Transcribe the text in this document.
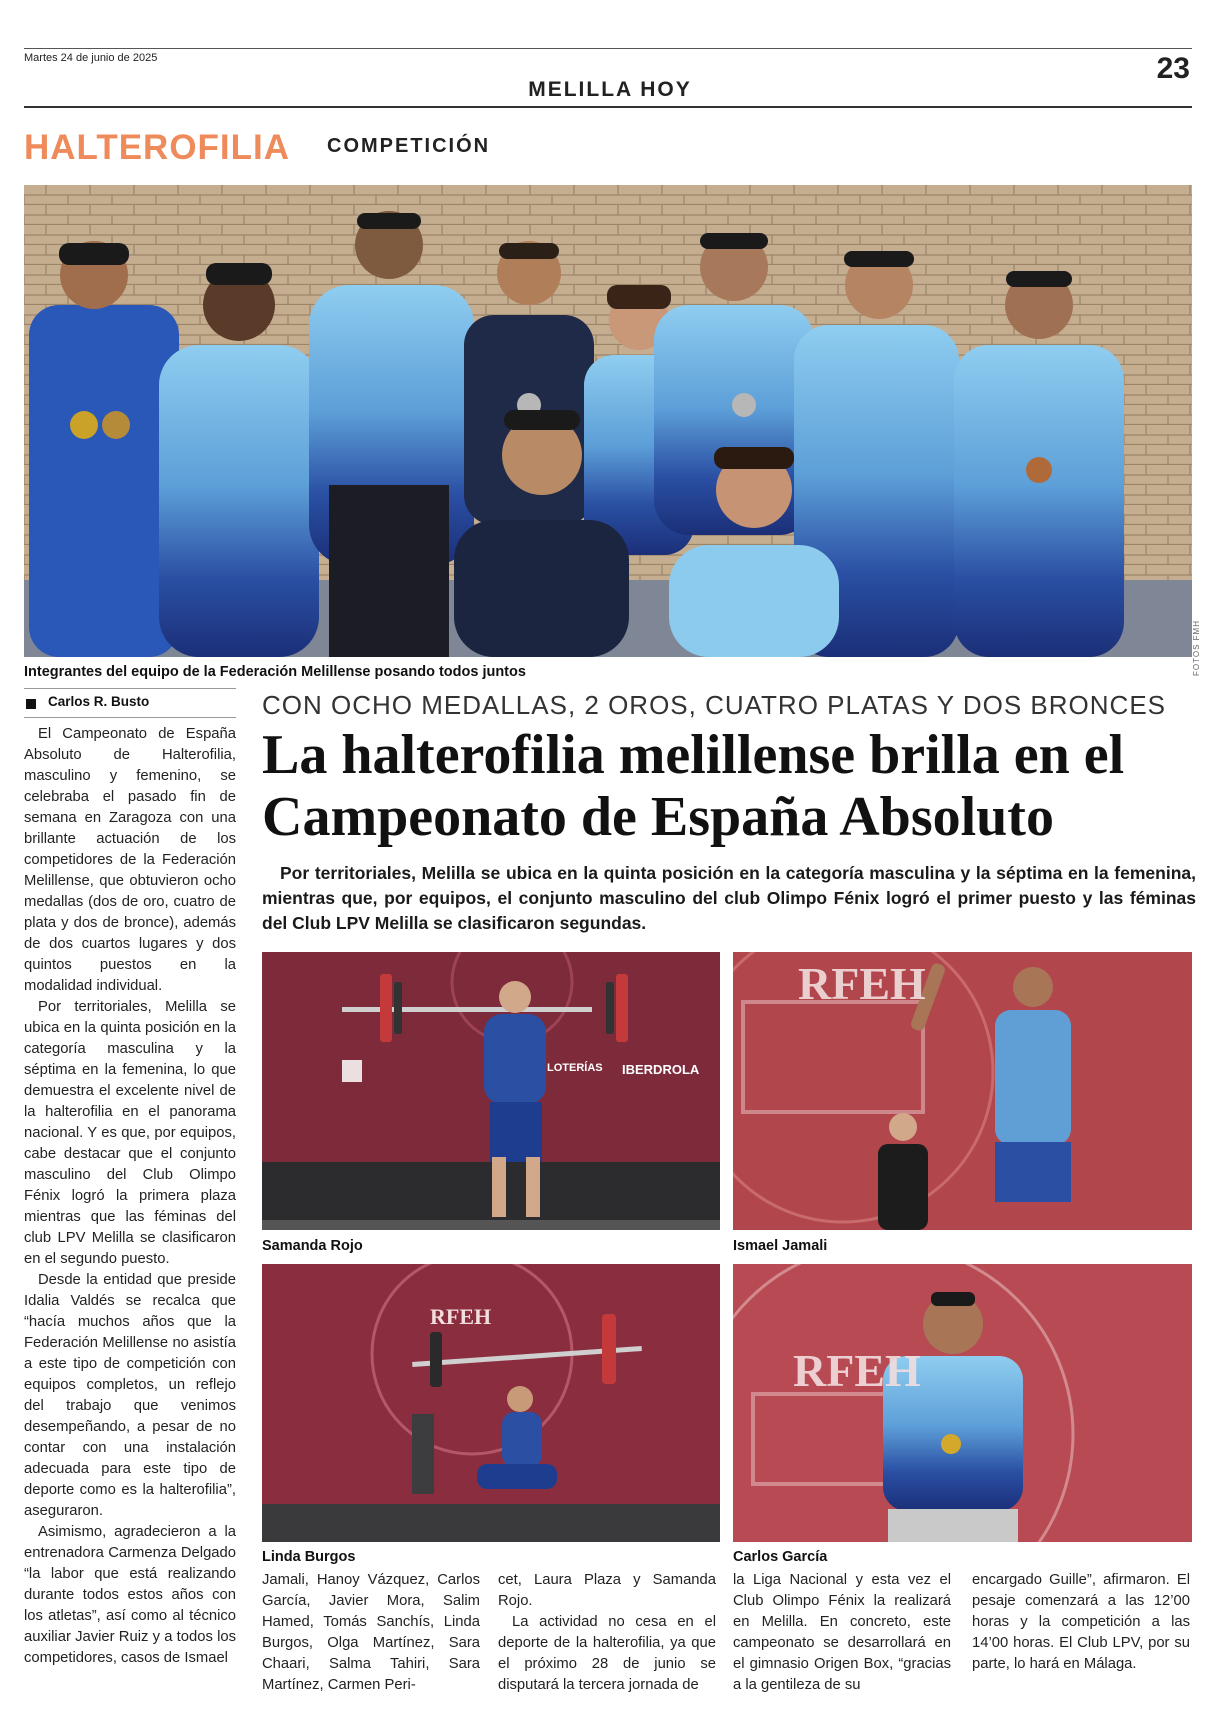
Martes 24 de junio de 2025	23
MELILLA HOY
HALTEROFILIA COMPETICIÓN
FOTOS FMH
Integrantes del equipo de la Federación Melillense posando todos juntos
Carlos R. Busto

El Campeonato de España Absoluto de Halterofilia, masculino y femenino, se celebraba el pasado fin de semana en Zaragoza con una brillante actuación de los competidores de la Federación Melillense, que obtuvieron ocho medallas (dos de oro, cuatro de plata y dos de bronce), además de dos cuartos lugares y dos quintos puestos en la modalidad individual.

Por territoriales, Melilla se ubica en la quinta posición en la categoría masculina y la séptima en la femenina, lo que demuestra el excelente nivel de la halterofilia en el panorama nacional. Y es que, por equipos, cabe destacar que el conjunto masculino del Club Olimpo Fénix logró la primera plaza mientras que las féminas del club LPV Melilla se clasificaron en el segundo puesto.

Desde la entidad que preside Idalia Valdés se recalca que “hacía muchos años que la Federación Melillense no asistía a este tipo de competición con equipos completos, un reflejo del trabajo que venimos desempeñando, a pesar de no contar con una instalación adecuada para este tipo de deporte como es la halterofilia”, aseguraron.

Asimismo, agradecieron a la entrenadora Carmenza Delgado “la labor que está realizando durante todos estos años con los atletas”, así como al técnico auxiliar Javier Ruiz y a todos los competidores, casos de Ismael

CON OCHO MEDALLAS, 2 OROS, CUATRO PLATAS Y DOS BRONCES
La halterofilia melillense brilla en el Campeonato de España Absoluto
Por territoriales, Melilla se ubica en la quinta posición en la categoría masculina y la séptima en la femenina, mientras que, por equipos, el conjunto masculino del club Olimpo Fénix logró el primer puesto y las féminas del Club LPV Melilla se clasificaron segundas.
LOTERÍAS IBERDROLA
Samanda Rojo
RFEH
Ismael Jamali
RFEH
Linda Burgos
RFEH
Carlos García

Jamali, Hanoy Vázquez, Carlos García, Javier Mora, Salim Hamed, Tomás Sanchís, Linda Burgos, Olga Martínez, Sara Chaari, Salma Tahiri, Sara Martínez, Carmen Peri-

cet, Laura Plaza y Samanda Rojo.

La actividad no cesa en el deporte de la halterofilia, ya que el próximo 28 de junio se disputará la tercera jornada de

la Liga Nacional y esta vez el Club Olimpo Fénix la realizará en Melilla. En concreto, este campeonato se desarrollará en el gimnasio Origen Box, “gracias a la gentileza de su

encargado Guille”, afirmaron. El pesaje comenzará a las 12’00 horas y la competición a las 14’00 horas. El Club LPV, por su parte, lo hará en Málaga.
